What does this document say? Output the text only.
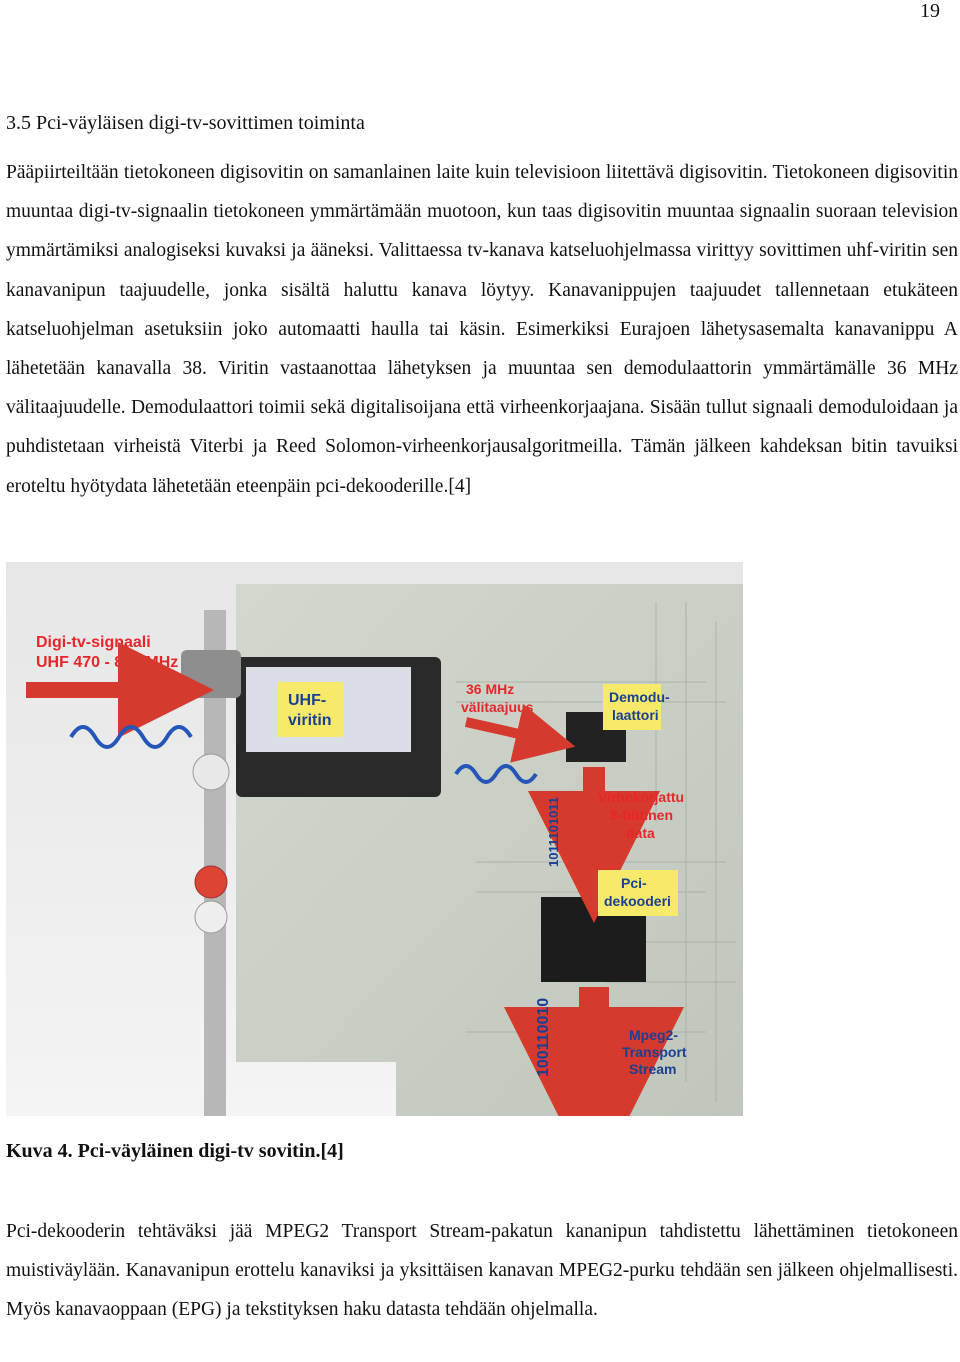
19
3.5 Pci-väyläisen digi-tv-sovittimen toiminta

Pääpiirteiltään tietokoneen digisovitin on samanlainen laite kuin televisioon liitettävä digisovitin. Tietokoneen digisovitin muuntaa digi-tv-signaalin tietokoneen ymmärtämään muotoon, kun taas digisovitin muuntaa signaalin suoraan television ymmärtämiksi analogiseksi kuvaksi ja ääneksi. Valittaessa tv-kanava katseluohjelmassa virittyy sovittimen uhf-viritin sen kanavanipun taajuudelle, jonka sisältä haluttu kanava löytyy. Kanavanippujen taajuudet tallennetaan etukäteen katseluohjelman asetuksiin joko automaatti haulla tai käsin. Esimerkiksi Eurajoen lähetysasemalta kanavanippu A lähetetään kanavalla 38. Viritin vastaanottaa lähetyksen ja muuntaa sen demodulaattorin ymmärtämälle 36 MHz välitaajuudelle. Demodulaattori toimii sekä digitalisoijana että virheenkorjaajana. Sisään tullut signaali demoduloidaan ja puhdistetaan virheistä Viterbi ja Reed Solomon-virheenkorjausalgoritmeilla. Tämän jälkeen kahdeksan bitin tavuiksi eroteltu hyötydata lähetetään eteenpäin pci-dekooderille.[4]

Digi-tv-signaali
UHF 470 - 862 MHz
UHF-
viritin
36 MHz
välitaajuus
Demodu-
laattori
1011101011	Virhekorjattu
8-bittinen
data
Pci-
dekooderi
100110010	Mpeg2-
Transport
Stream
Kuva 4. Pci-väyläinen digi-tv sovitin.[4]

Pci-dekooderin tehtäväksi jää MPEG2 Transport Stream-pakatun kananipun tahdistettu lähettäminen tietokoneen muistiväylään. Kanavanipun erottelu kanaviksi ja yksittäisen kanavan MPEG2-purku tehdään sen jälkeen ohjelmallisesti. Myös kanavaoppaan (EPG) ja tekstityksen haku datasta tehdään ohjelmalla.
